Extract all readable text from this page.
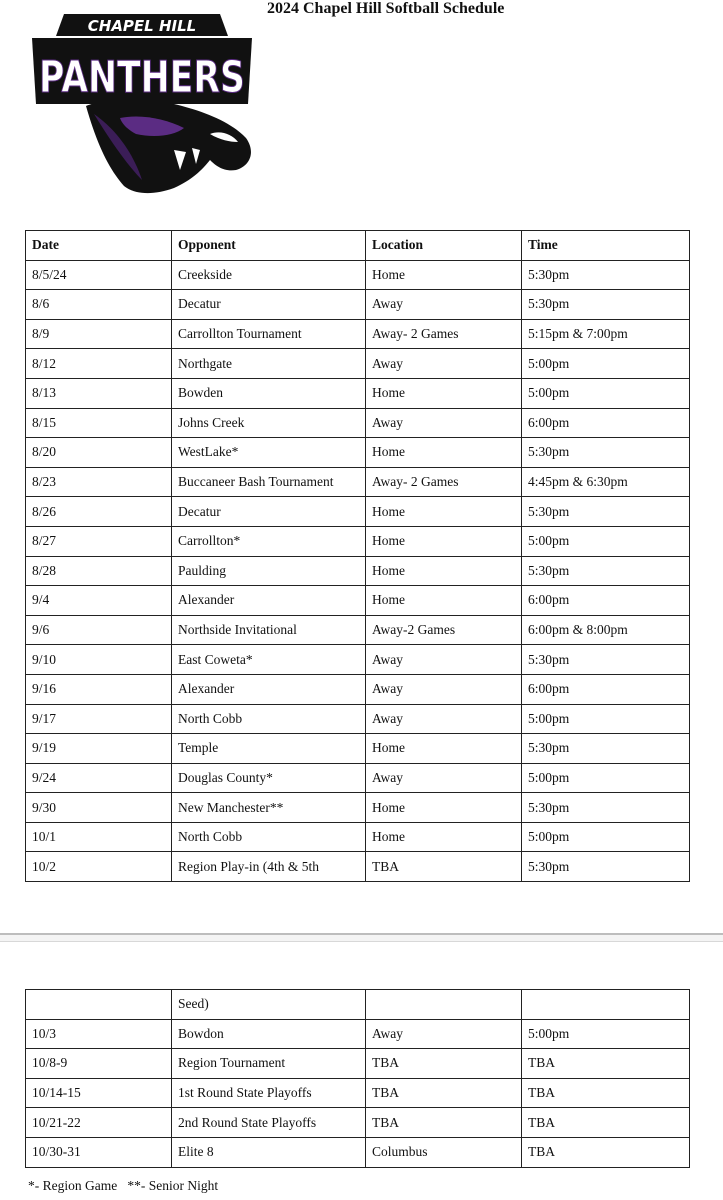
CHAPEL HILL
PANTHERS
2024 Chapel Hill Softball Schedule
Date	Opponent	Location	Time
8/5/24	Creekside	Home	5:30pm
8/6	Decatur	Away	5:30pm
8/9	Carrollton Tournament	Away- 2 Games	5:15pm & 7:00pm
8/12	Northgate	Away	5:00pm
8/13	Bowden	Home	5:00pm
8/15	Johns Creek	Away	6:00pm
8/20	WestLake*	Home	5:30pm
8/23	Buccaneer Bash Tournament	Away- 2 Games	4:45pm & 6:30pm
8/26	Decatur	Home	5:30pm
8/27	Carrollton*	Home	5:00pm
8/28	Paulding	Home	5:30pm
9/4	Alexander	Home	6:00pm
9/6	Northside Invitational	Away-2 Games	6:00pm & 8:00pm
9/10	East Coweta*	Away	5:30pm
9/16	Alexander	Away	6:00pm
9/17	North Cobb	Away	5:00pm
9/19	Temple	Home	5:30pm
9/24	Douglas County*	Away	5:00pm
9/30	New Manchester**	Home	5:30pm
10/1	North Cobb	Home	5:00pm
10/2	Region Play-in (4th & 5th	TBA	5:30pm
	Seed)		
10/3	Bowdon	Away	5:00pm
10/8-9	Region Tournament	TBA	TBA
10/14-15	1st Round State Playoffs	TBA	TBA
10/21-22	2nd Round State Playoffs	TBA	TBA
10/30-31	Elite 8	Columbus	TBA
*- Region Game   **- Senior Night
